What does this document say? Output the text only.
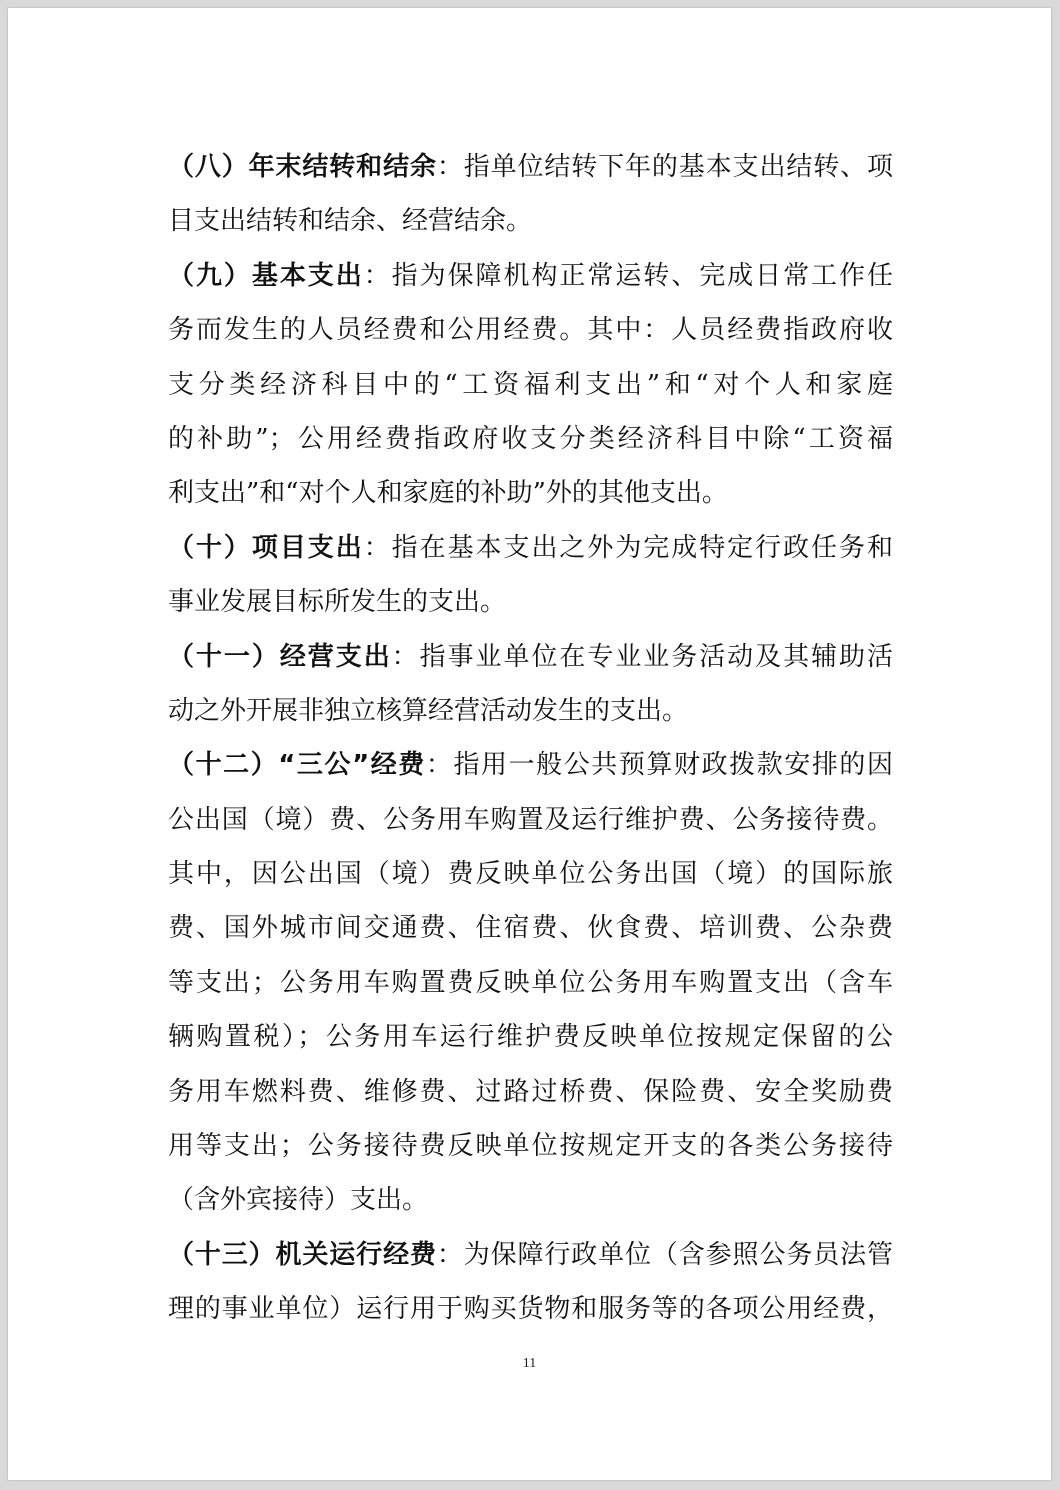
（八）年末结转和结余：指单位结转下年的基本支出结转、项
目支出结转和结余、经营结余。
（九）基本支出：指为保障机构正常运转、完成日常工作任
务而发生的人员经费和公用经费。其中：人员经费指政府收
支分类经济科目中的“工资福利支出”和“对个人和家庭
的补助”；公用经费指政府收支分类经济科目中除“工资福
利支出”和“对个人和家庭的补助”外的其他支出。
（十）项目支出：指在基本支出之外为完成特定行政任务和
事业发展目标所发生的支出。
（十一）经营支出：指事业单位在专业业务活动及其辅助活
动之外开展非独立核算经营活动发生的支出。
（十二）“三公”经费：指用一般公共预算财政拨款安排的因
公出国（境）费、公务用车购置及运行维护费、公务接待费。
其中，因公出国（境）费反映单位公务出国（境）的国际旅
费、国外城市间交通费、住宿费、伙食费、培训费、公杂费
等支出；公务用车购置费反映单位公务用车购置支出（含车
辆购置税）；公务用车运行维护费反映单位按规定保留的公
务用车燃料费、维修费、过路过桥费、保险费、安全奖励费
用等支出；公务接待费反映单位按规定开支的各类公务接待
（含外宾接待）支出。
（十三）机关运行经费：为保障行政单位（含参照公务员法管
理的事业单位）运行用于购买货物和服务等的各项公用经费，
11
